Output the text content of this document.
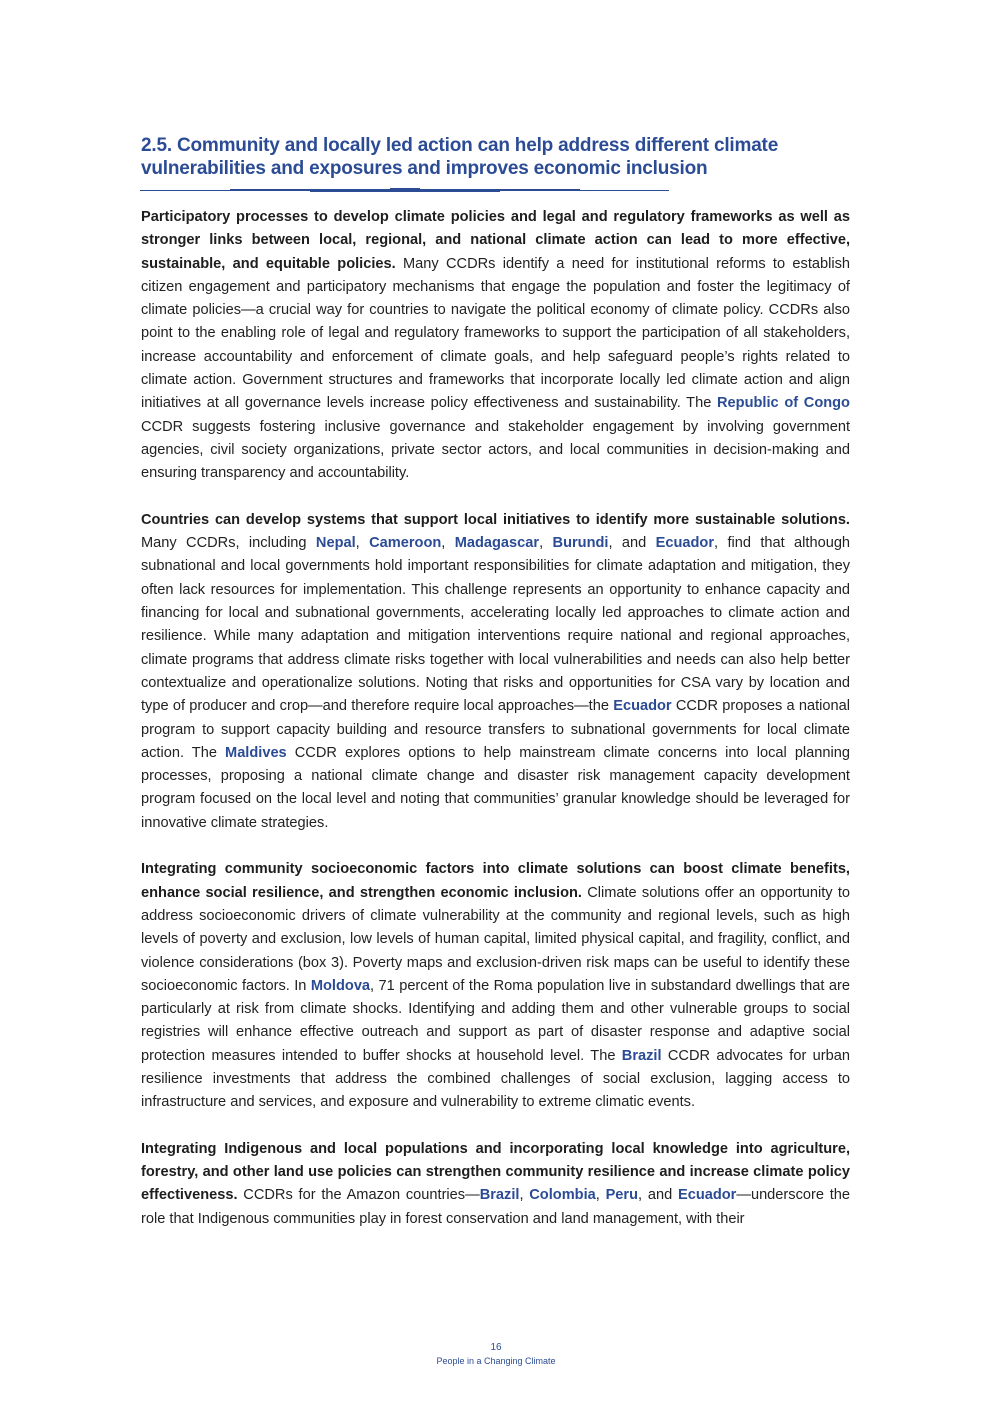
2.5. Community and locally led action can help address different climate
vulnerabilities and exposures and improves economic inclusion

Participatory processes to develop climate policies and legal and regulatory frameworks as well as stronger links between local, regional, and national climate action can lead to more effective, sustainable, and equitable policies. Many CCDRs identify a need for institutional reforms to establish citizen engagement and participatory mechanisms that engage the population and foster the legitimacy of climate policies—a crucial way for countries to navigate the political economy of climate policy. CCDRs also point to the enabling role of legal and regulatory frameworks to support the participation of all stakeholders, increase accountability and enforcement of climate goals, and help safeguard people’s rights related to climate action. Government structures and frameworks that incorporate locally led climate action and align initiatives at all governance levels increase policy effectiveness and sustainability. The Republic of Congo CCDR suggests fostering inclusive governance and stakeholder engagement by involving government agencies, civil society organizations, private sector actors, and local communities in decision-making and ensuring transparency and accountability.

Countries can develop systems that support local initiatives to identify more sustainable solutions. Many CCDRs, including Nepal, Cameroon, Madagascar, Burundi, and Ecuador, find that although subnational and local governments hold important responsibilities for climate adaptation and mitigation, they often lack resources for implementation. This challenge represents an opportunity to enhance capacity and financing for local and subnational governments, accelerating locally led approaches to climate action and resilience. While many adaptation and mitigation interventions require national and regional approaches, climate programs that address climate risks together with local vulnerabilities and needs can also help better contextualize and operationalize solutions. Noting that risks and opportunities for CSA vary by location and type of producer and crop—and therefore require local approaches—the Ecuador CCDR proposes a national program to support capacity building and resource transfers to subnational governments for local climate action. The Maldives CCDR explores options to help mainstream climate concerns into local planning processes, proposing a national climate change and disaster risk management capacity development program focused on the local level and noting that communities’ granular knowledge should be leveraged for innovative climate strategies.

Integrating community socioeconomic factors into climate solutions can boost climate benefits, enhance social resilience, and strengthen economic inclusion. Climate solutions offer an opportunity to address socioeconomic drivers of climate vulnerability at the community and regional levels, such as high levels of poverty and exclusion, low levels of human capital, limited physical capital, and fragility, conflict, and violence considerations (box 3). Poverty maps and exclusion-driven risk maps can be useful to identify these socioeconomic factors. In Moldova, 71 percent of the Roma population live in substandard dwellings that are particularly at risk from climate shocks. Identifying and adding them and other vulnerable groups to social registries will enhance effective outreach and support as part of disaster response and adaptive social protection measures intended to buffer shocks at household level. The Brazil CCDR advocates for urban resilience investments that address the combined challenges of social exclusion, lagging access to infrastructure and services, and exposure and vulnerability to extreme climatic events.

Integrating Indigenous and local populations and incorporating local knowledge into agriculture, forestry, and other land use policies can strengthen community resilience and increase climate policy effectiveness. CCDRs for the Amazon countries—Brazil, Colombia, Peru, and Ecuador—underscore the role that Indigenous communities play in forest conservation and land management, with their

16
People in a Changing Climate
